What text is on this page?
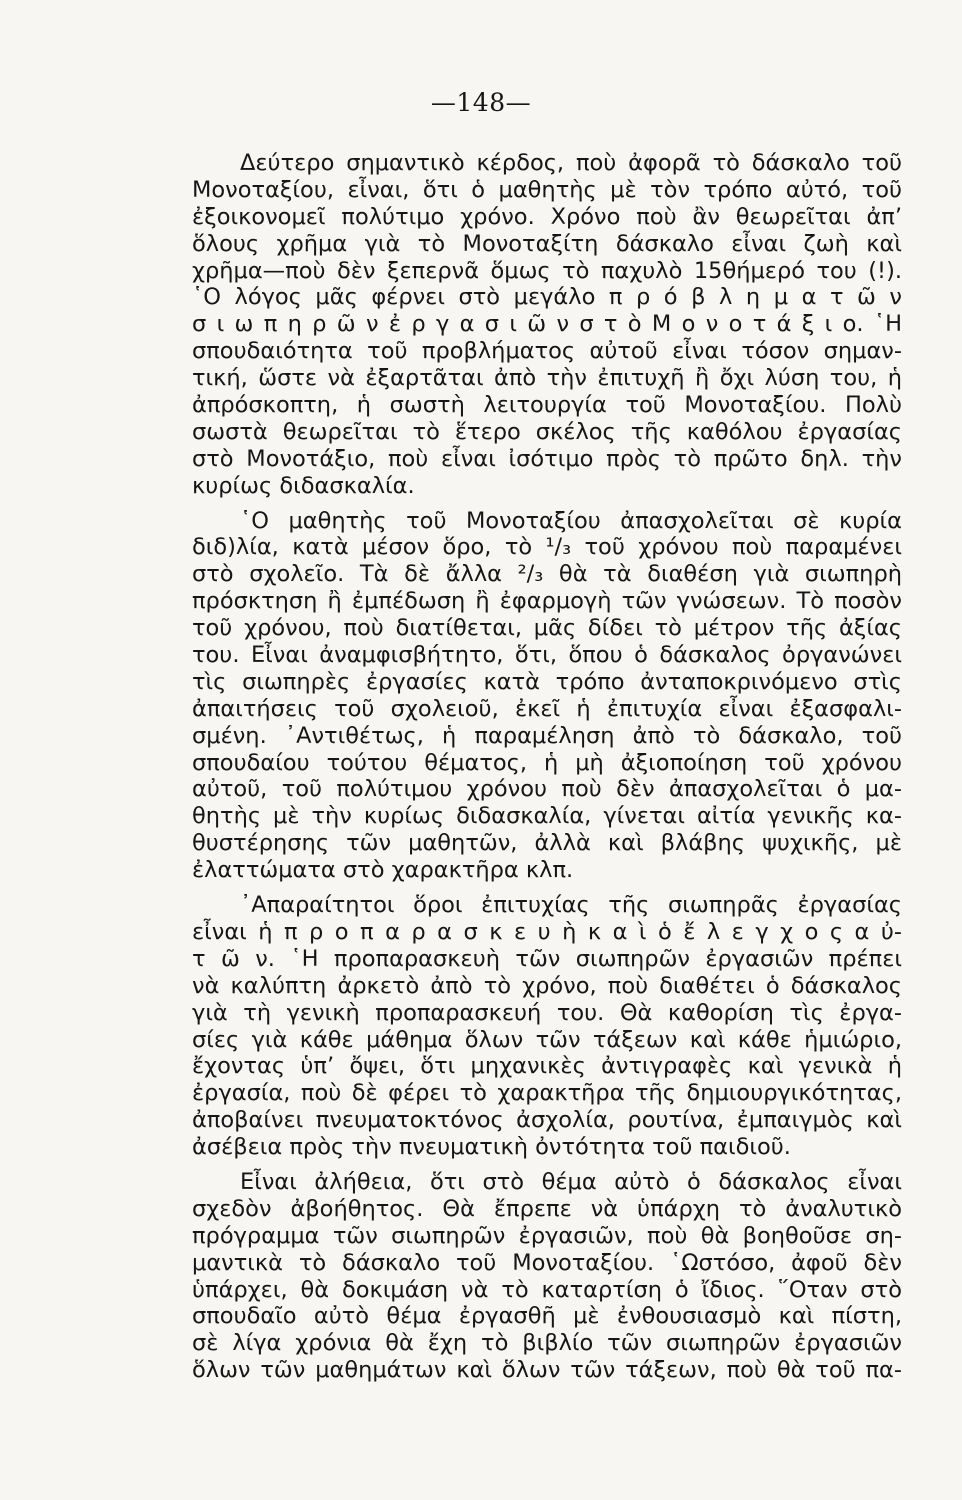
—148—
Δεύτερο σημαντικὸ κέρδος, ποὺ ἀφορᾶ τὸ δάσκαλο τοῦ
Μονοταξίου, εἶναι, ὅτι ὁ μαθητὴς μὲ τὸν τρόπο αὐτό, τοῦ
ἐξοικονομεῖ πολύτιμο χρόνο. Χρόνο ποὺ ἂν θεωρεῖται ἀπ’
ὅλους χρῆμα γιὰ τὸ Μονοταξίτη δάσκαλο εἶναι ζωὴ καὶ
χρῆμα—ποὺ δὲν ξεπερνᾶ ὅμως τὸ παχυλὸ 15θήμερό του (!).
῾Ο λόγος μᾶς φέρνει στὸ μεγάλο π ρ ό β λ η μ α τ ῶ ν
σ ι ω π η ρ ῶ ν ἐ ρ γ α σ ι ῶ ν σ τ ὸ Μ ο ν ο τ ά ξ ι ο. ῾Η
σπουδαιότητα τοῦ προβλήματος αὐτοῦ εἶναι τόσον σημαν-
τική, ὥστε νὰ ἐξαρτᾶται ἀπὸ τὴν ἐπιτυχῆ ἢ ὄχι λύση του, ἡ
ἀπρόσκοπτη, ἡ σωστὴ λειτουργία τοῦ Μονοταξίου. Πολὺ
σωστὰ θεωρεῖται τὸ ἕτερο σκέλος τῆς καθόλου ἐργασίας
στὸ Μονοτάξιο, ποὺ εἶναι ἰσότιμο πρὸς τὸ πρῶτο δηλ. τὴν
κυρίως διδασκαλία.
῾Ο μαθητὴς τοῦ Μονοταξίου ἀπασχολεῖται σὲ κυρία
διδ)λία, κατὰ μέσον ὅρο, τὸ ¹/₃ τοῦ χρόνου ποὺ παραμένει
στὸ σχολεῖο. Τὰ δὲ ἄλλα ²/₃ θὰ τὰ διαθέση γιὰ σιωπηρὴ
πρόσκτηση ἢ ἐμπέδωση ἢ ἐφαρμογὴ τῶν γνώσεων. Τὸ ποσὸν
τοῦ χρόνου, ποὺ διατίθεται, μᾶς δίδει τὸ μέτρον τῆς ἀξίας
του. Εἶναι ἀναμφισβήτητο, ὅτι, ὅπου ὁ δάσκαλος ὀργανώνει
τὶς σιωπηρὲς ἐργασίες κατὰ τρόπο ἀνταποκρινόμενο στὶς
ἀπαιτήσεις τοῦ σχολειοῦ, ἐκεῖ ἡ ἐπιτυχία εἶναι ἐξασφαλι-
σμένη. ᾿Αντιθέτως, ἡ παραμέληση ἀπὸ τὸ δάσκαλο, τοῦ
σπουδαίου τούτου θέματος, ἡ μὴ ἀξιοποίηση τοῦ χρόνου
αὐτοῦ, τοῦ πολύτιμου χρόνου ποὺ δὲν ἀπασχολεῖται ὁ μα-
θητὴς μὲ τὴν κυρίως διδασκαλία, γίνεται αἰτία γενικῆς κα-
θυστέρησης τῶν μαθητῶν, ἀλλὰ καὶ βλάβης ψυχικῆς, μὲ
ἐλαττώματα στὸ χαρακτῆρα κλπ.
᾿Απαραίτητοι ὅροι ἐπιτυχίας τῆς σιωπηρᾶς ἐργασίας
εἶναι ἡ π ρ ο π α ρ α σ κ ε υ ὴ κ α ὶ ὁ ἔ λ ε γ χ ο ς α ὐ-
τ ῶ ν. ῾Η προπαρασκευὴ τῶν σιωπηρῶν ἐργασιῶν πρέπει
νὰ καλύπτη ἀρκετὸ ἀπὸ τὸ χρόνο, ποὺ διαθέτει ὁ δάσκαλος
γιὰ τὴ γενικὴ προπαρασκευή του. Θὰ καθορίση τὶς ἐργα-
σίες γιὰ κάθε μάθημα ὅλων τῶν τάξεων καὶ κάθε ἡμιώριο,
ἔχοντας ὑπ’ ὄψει, ὅτι μηχανικὲς ἀντιγραφὲς καὶ γενικὰ ἡ
ἐργασία, ποὺ δὲ φέρει τὸ χαρακτῆρα τῆς δημιουργικότητας,
ἀποβαίνει πνευματοκτόνος ἀσχολία, ρουτίνα, ἐμπαιγμὸς καὶ
ἀσέβεια πρὸς τὴν πνευματικὴ ὀντότητα τοῦ παιδιοῦ.
Εἶναι ἀλήθεια, ὅτι στὸ θέμα αὐτὸ ὁ δάσκαλος εἶναι
σχεδὸν ἀβοήθητος. Θὰ ἔπρεπε νὰ ὑπάρχη τὸ ἀναλυτικὸ
πρόγραμμα τῶν σιωπηρῶν ἐργασιῶν, ποὺ θὰ βοηθοῦσε ση-
μαντικὰ τὸ δάσκαλο τοῦ Μονοταξίου. ῾Ωστόσο, ἀφοῦ δὲν
ὑπάρχει, θὰ δοκιμάση νὰ τὸ καταρτίση ὁ ἴδιος. ῞Οταν στὸ
σπουδαῖο αὐτὸ θέμα ἐργασθῆ μὲ ἐνθουσιασμὸ καὶ πίστη,
σὲ λίγα χρόνια θὰ ἔχη τὸ βιβλίο τῶν σιωπηρῶν ἐργασιῶν
ὅλων τῶν μαθημάτων καὶ ὅλων τῶν τάξεων, ποὺ θὰ τοῦ πα-
